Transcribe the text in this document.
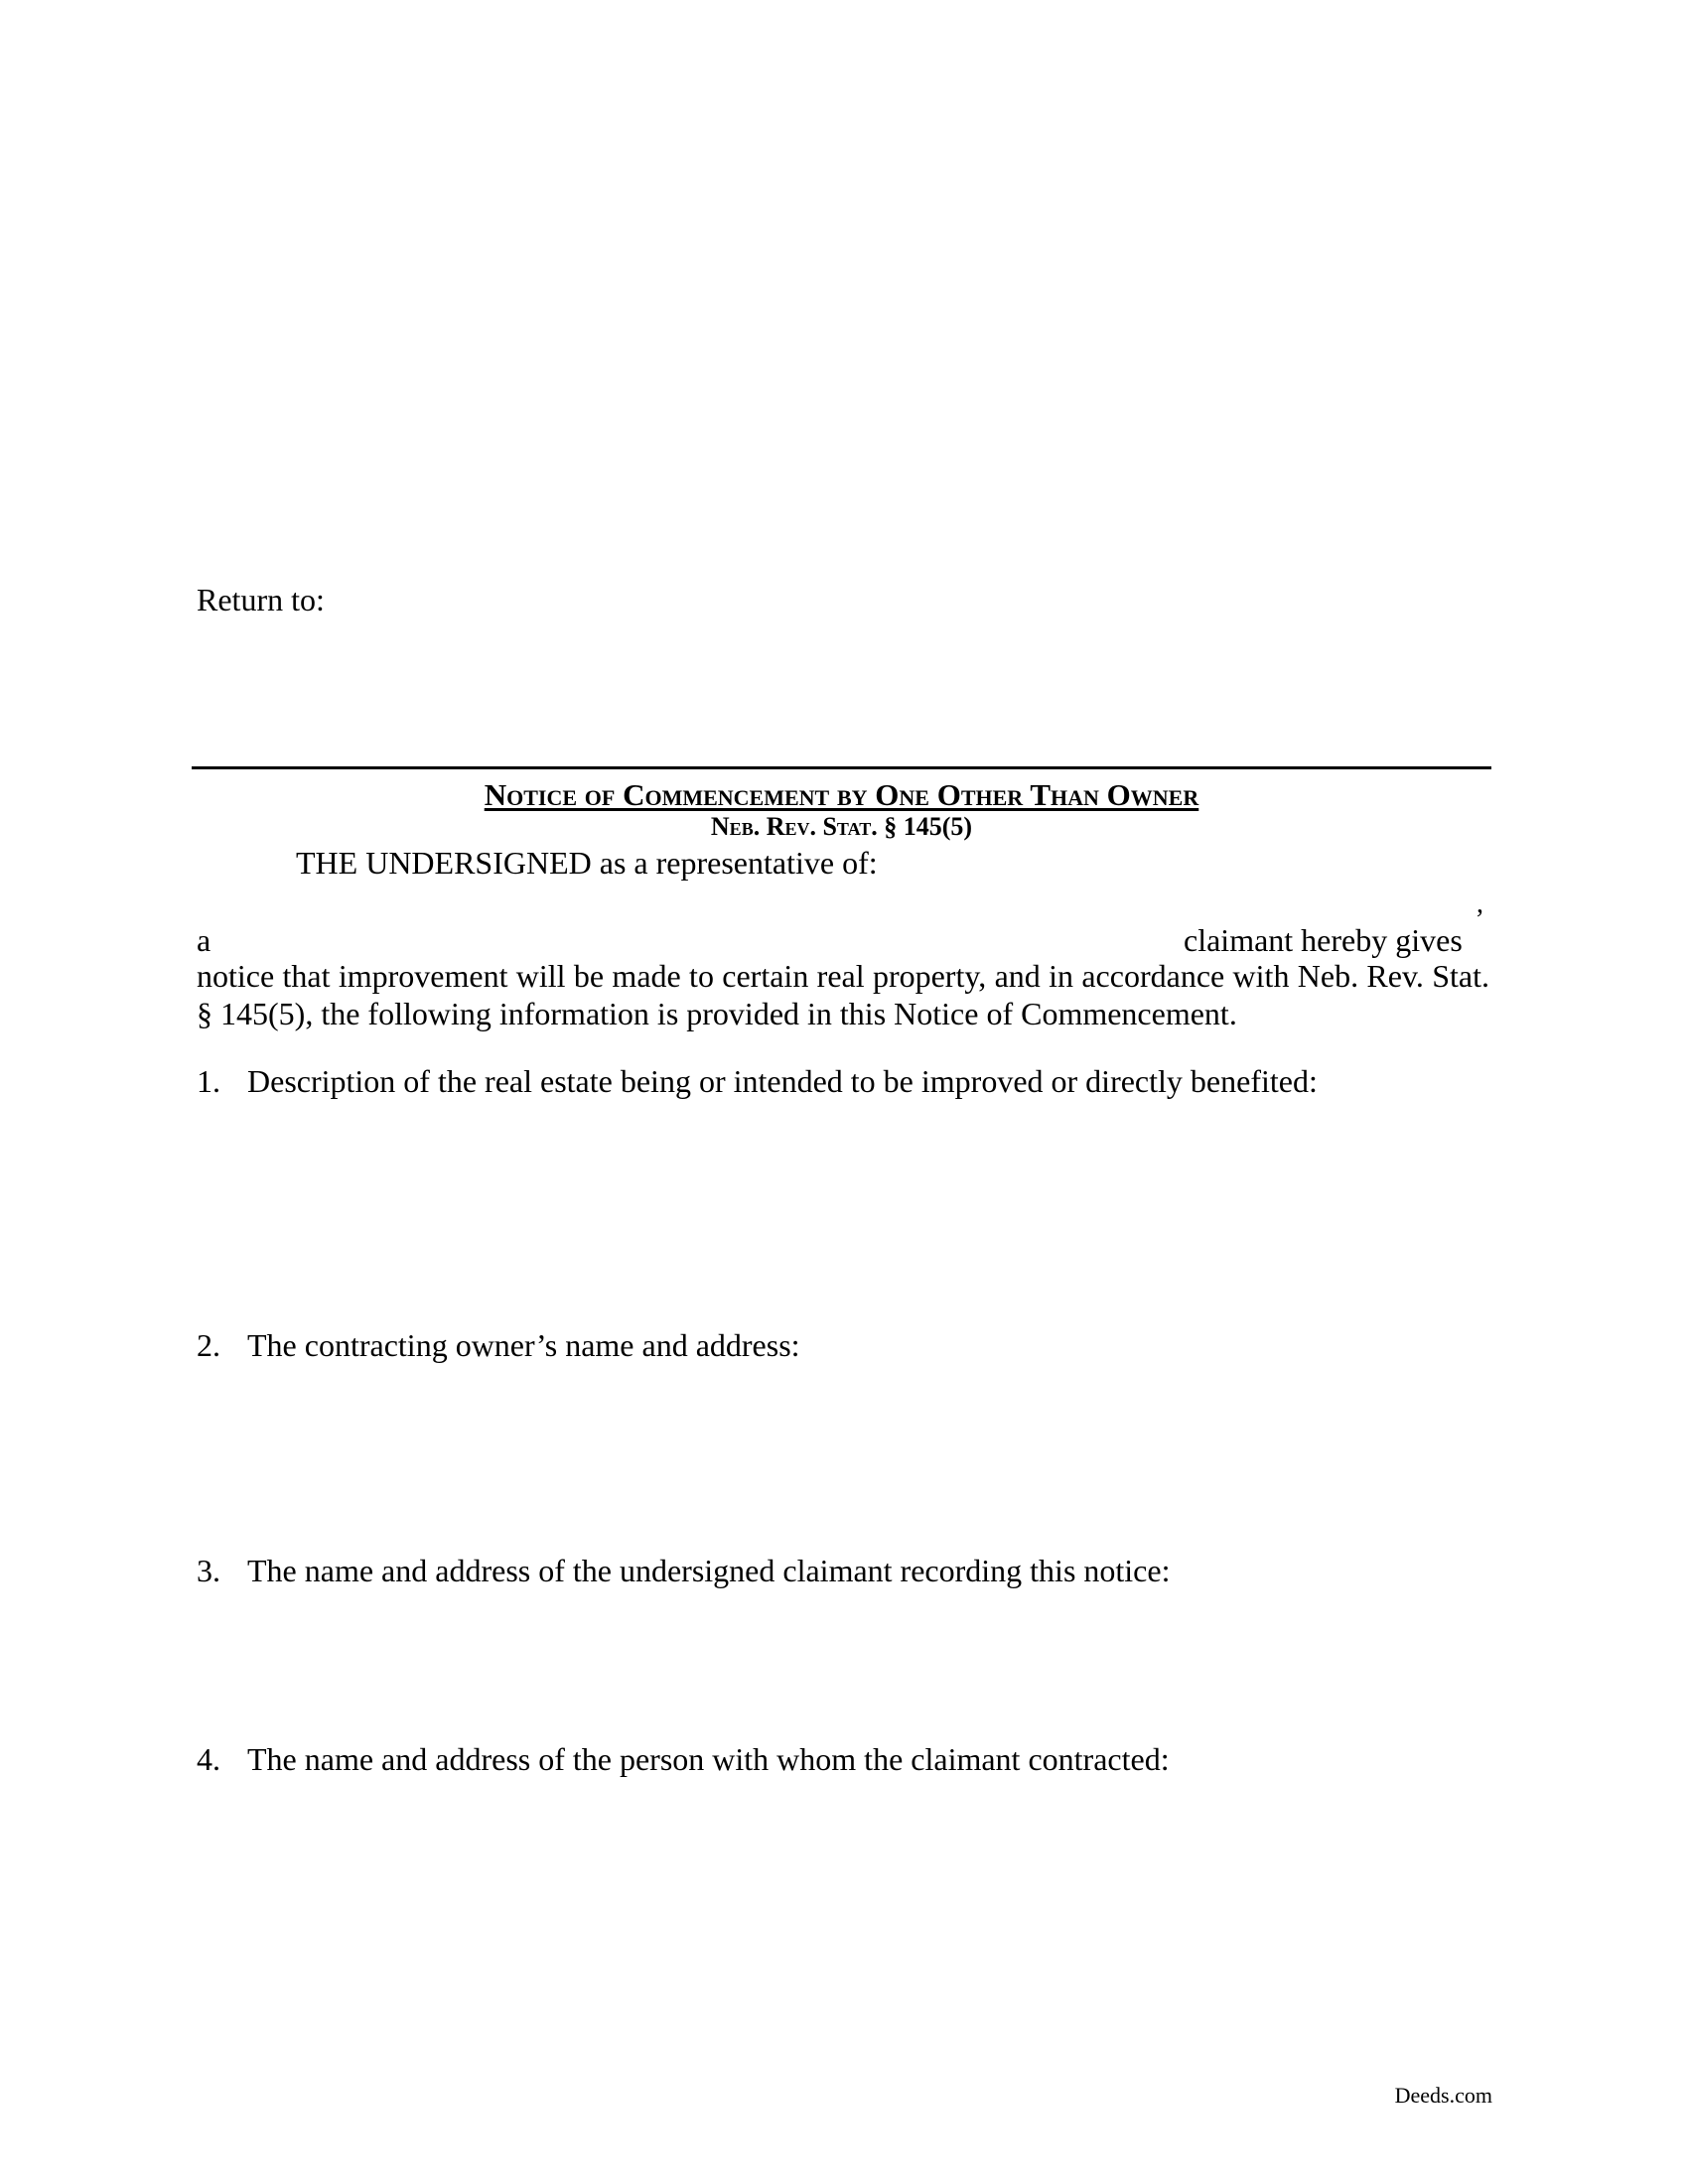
Return to:
Notice of Commencement by One Other Than Owner
Neb. Rev. Stat. § 145(5)
THE UNDERSIGNED as a representative of:
,
a	claimant hereby gives
notice that improvement will be made to certain real property, and in accordance with Neb. Rev. Stat. § 145(5), the following information is provided in this Notice of Commencement.
1. Description of the real estate being or intended to be improved or directly benefited:
2. The contracting owner’s name and address:
3. The name and address of the undersigned claimant recording this notice:
4. The name and address of the person with whom the claimant contracted:
Deeds.com
